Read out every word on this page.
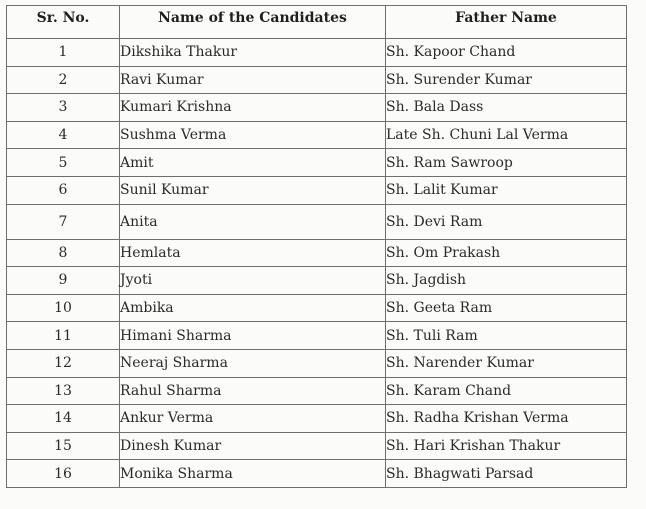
Sr. No.	Name of the Candidates	Father Name
1	Dikshika Thakur	Sh. Kapoor Chand
2	Ravi Kumar	Sh. Surender Kumar
3	Kumari Krishna	Sh. Bala Dass
4	Sushma Verma	Late Sh. Chuni Lal Verma
5	Amit	Sh. Ram Sawroop
6	Sunil Kumar	Sh. Lalit Kumar
7	Anita	Sh. Devi Ram
8	Hemlata	Sh. Om Prakash
9	Jyoti	Sh. Jagdish
10	Ambika	Sh. Geeta Ram
11	Himani Sharma	Sh. Tuli Ram
12	Neeraj Sharma	Sh. Narender Kumar
13	Rahul Sharma	Sh. Karam Chand
14	Ankur Verma	Sh. Radha Krishan Verma
15	Dinesh Kumar	Sh. Hari Krishan Thakur
16	Monika Sharma	Sh. Bhagwati Parsad
